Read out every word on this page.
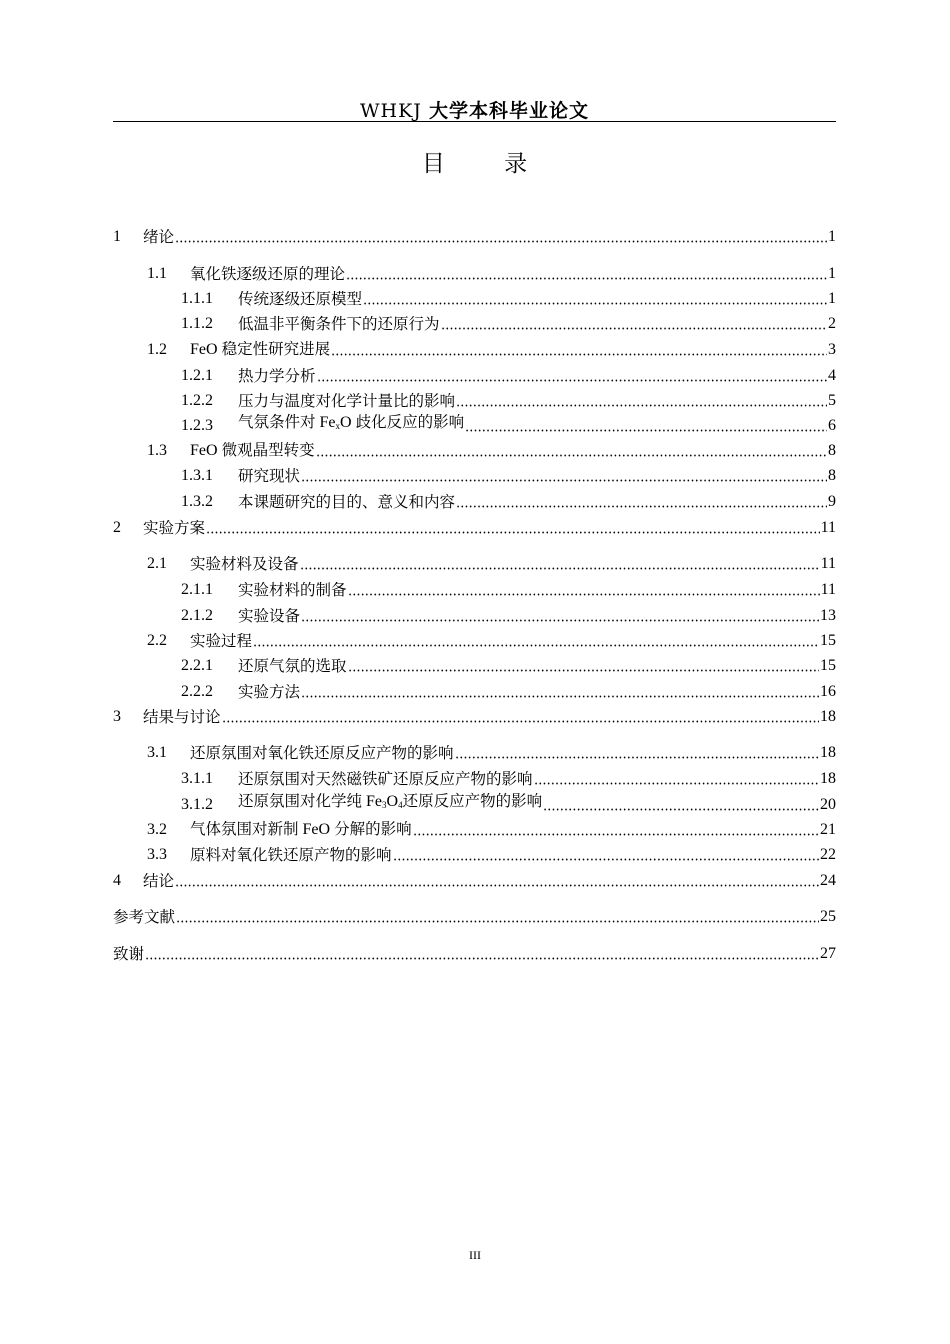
WHKJ 大学本科毕业论文
目 录
1	绪论	1
1.1	氧化铁逐级还原的理论	1
1.1.1	传统逐级还原模型	1
1.1.2	低温非平衡条件下的还原行为	2
1.2	FeO 稳定性研究进展	3
1.2.1	热力学分析	4
1.2.2	压力与温度对化学计量比的影响	5
1.2.3	气氛条件对 $Fe_xO$ 歧化反应的影响	6
1.3	FeO 微观晶型转变	8
1.3.1	研究现状	8
1.3.2	本课题研究的目的、意义和内容	9
2	实验方案	11
2.1	实验材料及设备	11
2.1.1	实验材料的制备	11
2.1.2	实验设备	13
2.2	实验过程	15
2.2.1	还原气氛的选取	15
2.2.2	实验方法	16
3	结果与讨论	18
3.1	还原氛围对氧化铁还原反应产物的影响	18
3.1.1	还原氛围对天然磁铁矿还原反应产物的影响	18
3.1.2	还原氛围对化学纯 $Fe_3O_4$还原反应产物的影响	20
3.2	气体氛围对新制 FeO 分解的影响	21
3.3	原料对氧化铁还原产物的影响	22
4	结论	24
参考文献	25
致谢	27
III
